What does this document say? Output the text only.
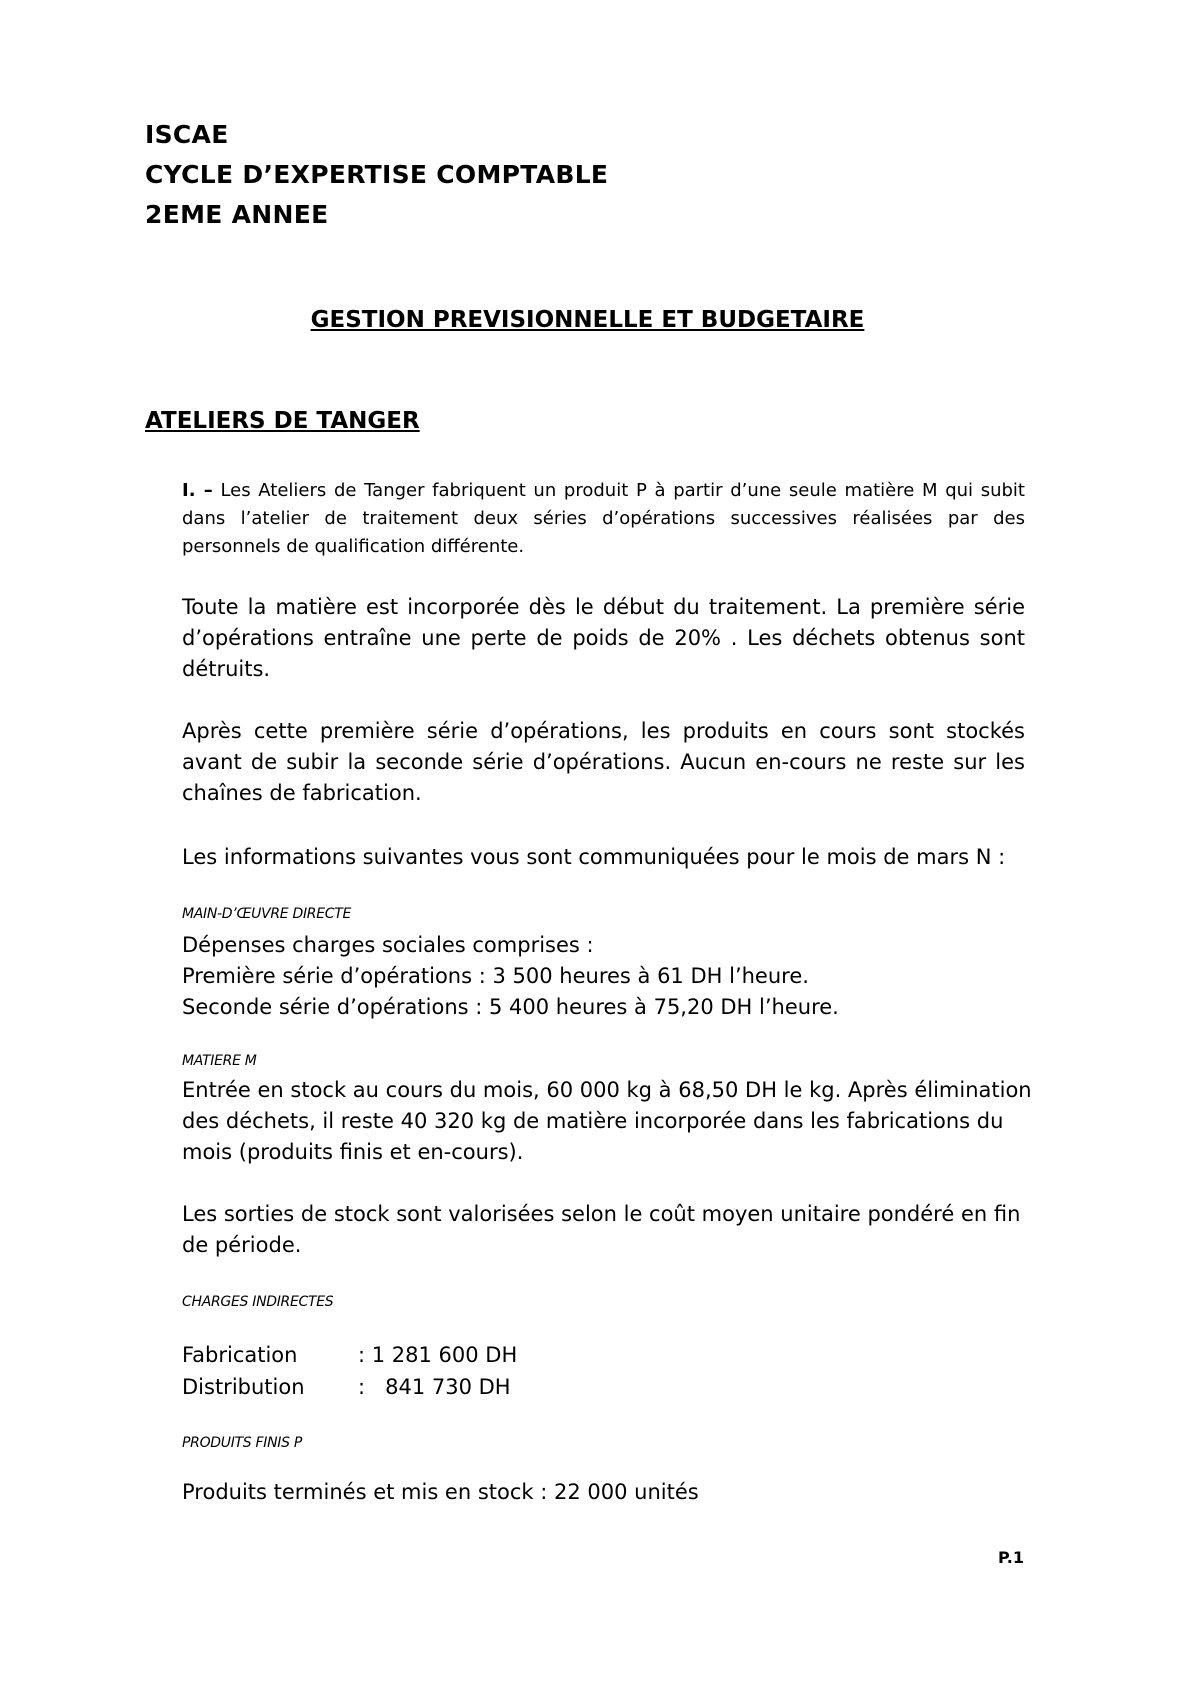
ISCAE
CYCLE D’EXPERTISE COMPTABLE
2EME ANNEE
GESTION PREVISIONNELLE ET BUDGETAIRE
ATELIERS DE TANGER

I. – Les Ateliers de Tanger fabriquent un produit P à partir d’une seule matière M qui subit dans l’atelier de traitement deux séries d’opérations successives réalisées par des personnels de qualification différente.

Toute la matière est incorporée dès le début du traitement. La première série d’opérations entraîne une perte de poids de 20% . Les déchets obtenus sont détruits.

Après cette première série d’opérations, les produits en cours sont stockés avant de subir la seconde série d’opérations. Aucun en-cours ne reste sur les chaînes de fabrication.

Les informations suivantes vous sont communiquées pour le mois de mars N :

MAIN-D’ŒUVRE DIRECTE
Dépenses charges sociales comprises :
Première série d’opérations : 3 500 heures à 61 DH l’heure.
Seconde série d’opérations : 5 400 heures à 75,20 DH l’heure.
MATIERE M
Entrée en stock au cours du mois, 60 000 kg à 68,50 DH le kg. Après élimination des déchets, il reste 40 320 kg de matière incorporée dans les fabrications du mois (produits finis et en-cours).
Les sorties de stock sont valorisées selon le coût moyen unitaire pondéré en fin de période.
CHARGES INDIRECTES
Fabrication	: 1 281 600 DH
Distribution	:   841 730 DH
PRODUITS FINIS P
Produits terminés et mis en stock : 22 000 unités
P.1
